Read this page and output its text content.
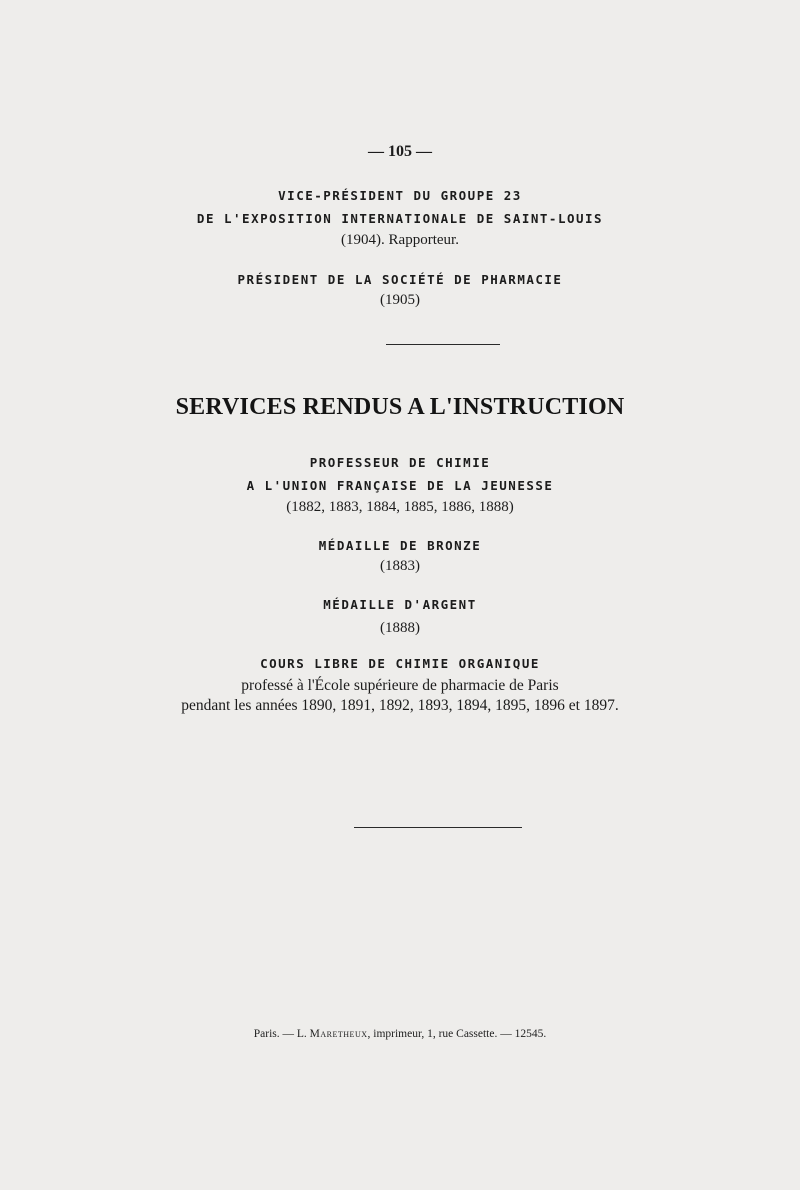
— 105 —
VICE-PRÉSIDENT DU GROUPE 23
DE L'EXPOSITION INTERNATIONALE DE SAINT-LOUIS
(1904). Rapporteur.
PRÉSIDENT DE LA SOCIÉTÉ DE PHARMACIE
(1905)
SERVICES RENDUS A L'INSTRUCTION
PROFESSEUR DE CHIMIE
A L'UNION FRANÇAISE DE LA JEUNESSE
(1882, 1883, 1884, 1885, 1886, 1888)
MÉDAILLE DE BRONZE
(1883)
MÉDAILLE D'ARGENT
(1888)
COURS LIBRE DE CHIMIE ORGANIQUE
professé à l'École supérieure de pharmacie de Paris
pendant les années 1890, 1891, 1892, 1893, 1894, 1895, 1896 et 1897.
Paris. — L. Maretheux, imprimeur, 1, rue Cassette. — 12545.
